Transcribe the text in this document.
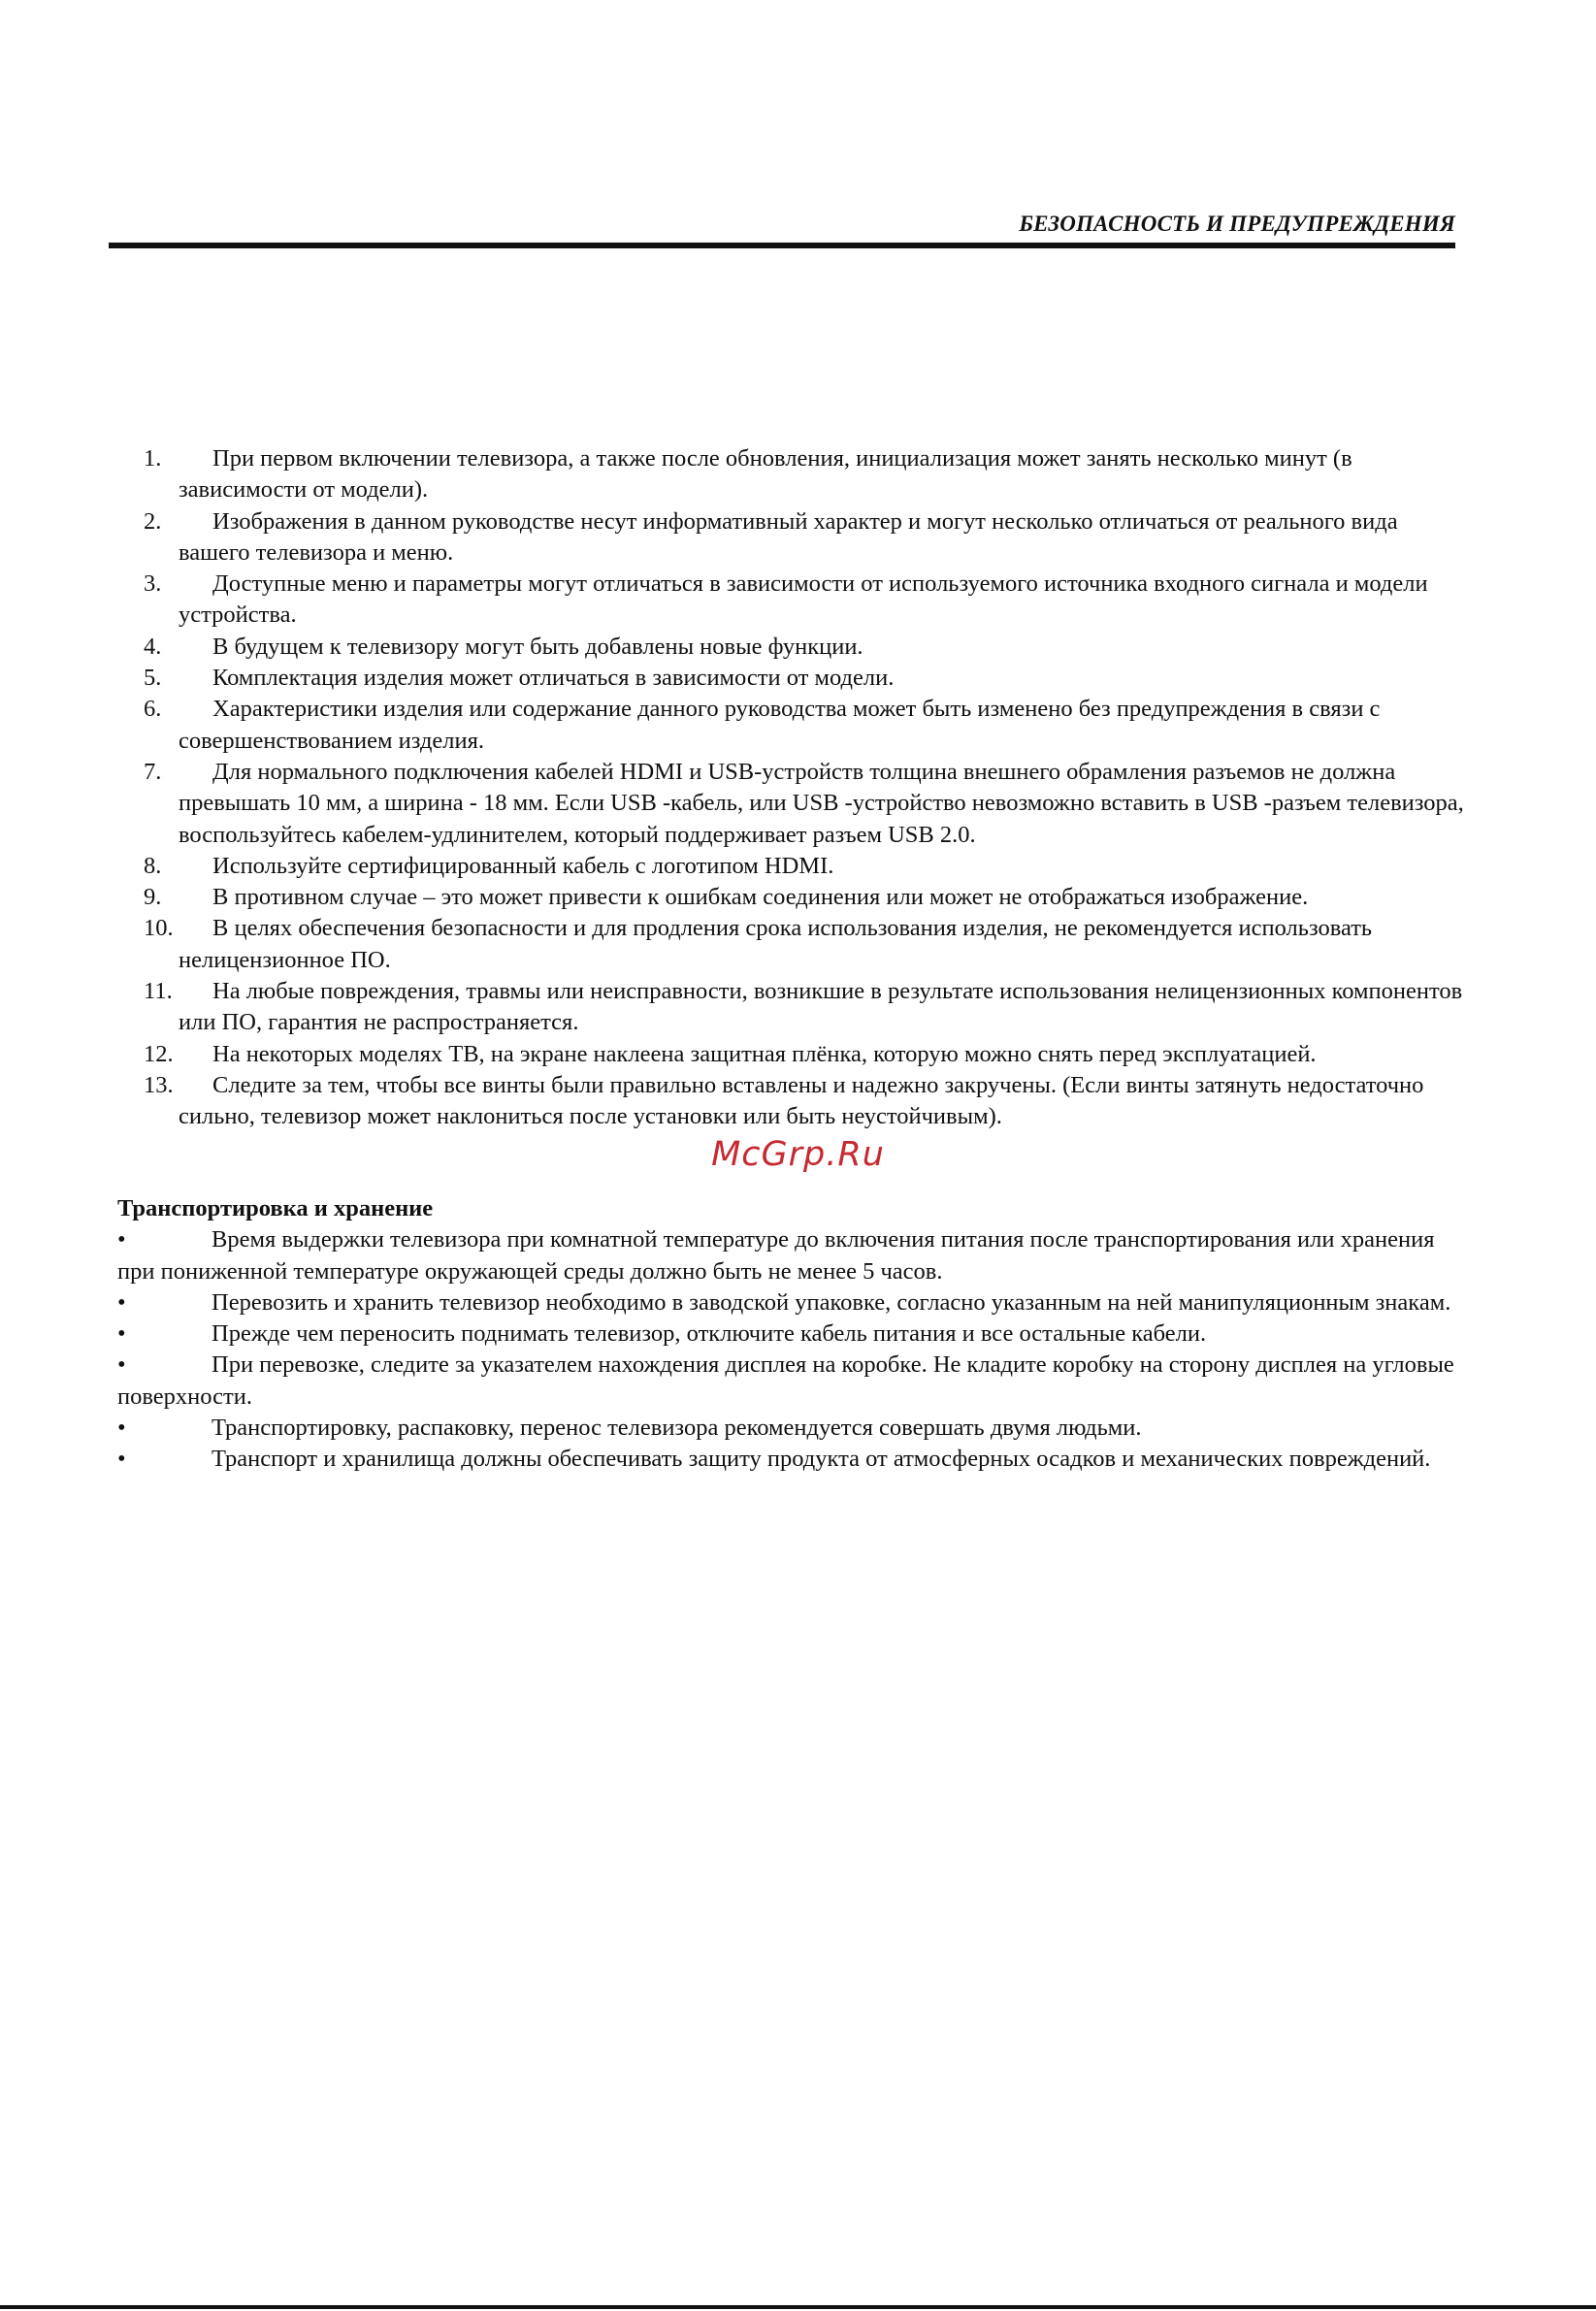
БЕЗОПАСНОСТЬ И ПРЕДУПРЕЖДЕНИЯ
1.	При первом включении телевизора, а также после обновления, инициализация может занять несколько минут (в зависимости от модели).
2.	Изображения в данном руководстве несут информативный характер и могут несколько отличаться от реального вида вашего телевизора и меню.
3.	Доступные меню и параметры могут отличаться в зависимости от используемого источника входного сигнала и модели устройства.
4.	В будущем к телевизору могут быть добавлены новые функции.
5.	Комплектация изделия может отличаться в зависимости от модели.
6.	Характеристики изделия или содержание данного руководства может быть изменено без предупреждения в связи с совершенствованием изделия.
7.	Для нормального подключения кабелей HDMI и USB-устройств толщина внешнего обрамления разъемов не должна превышать 10 мм, а ширина - 18 мм. Если USB -кабель, или USB -устройство невозможно вставить в USB -разъем телевизора, воспользуйтесь кабелем-удлинителем, который поддерживает разъем USB 2.0.
8.	Используйте сертифицированный кабель с логотипом HDMI.
9.	В противном случае – это может привести к ошибкам соединения или может не отображаться изображение.
10.	В целях обеспечения безопасности и для продления срока использования изделия, не рекомендуется использовать нелицензионное ПО.
11.	На любые повреждения, травмы или неисправности, возникшие в результате использования нелицензионных компонентов или ПО, гарантия не распространяется.
12.	На некоторых моделях ТВ, на экране наклеена защитная плёнка, которую можно снять перед эксплуатацией.
13.	Следите за тем, чтобы все винты были правильно вставлены и надежно закручены. (Если винты затянуть недостаточно сильно, телевизор может наклониться после установки или быть неустойчивым).
McGrp.Ru
Транспортировка и хранение
•	Время выдержки телевизора при комнатной температуре до включения питания после транспортирования или хранения при пониженной температуре окружающей среды должно быть не менее 5 часов.
•	Перевозить и хранить телевизор необходимо в заводской упаковке, согласно указанным на ней манипуляционным знакам.
•	Прежде чем переносить поднимать телевизор, отключите кабель питания и все остальные кабели.
•	При перевозке, следите за указателем нахождения дисплея на коробке. Не кладите коробку на сторону дисплея на угловые поверхности.
•	Транспортировку, распаковку, перенос телевизора рекомендуется совершать двумя людьми.
•	Транспорт и хранилища должны обеспечивать защиту продукта от атмосферных осадков и механических повреждений.
